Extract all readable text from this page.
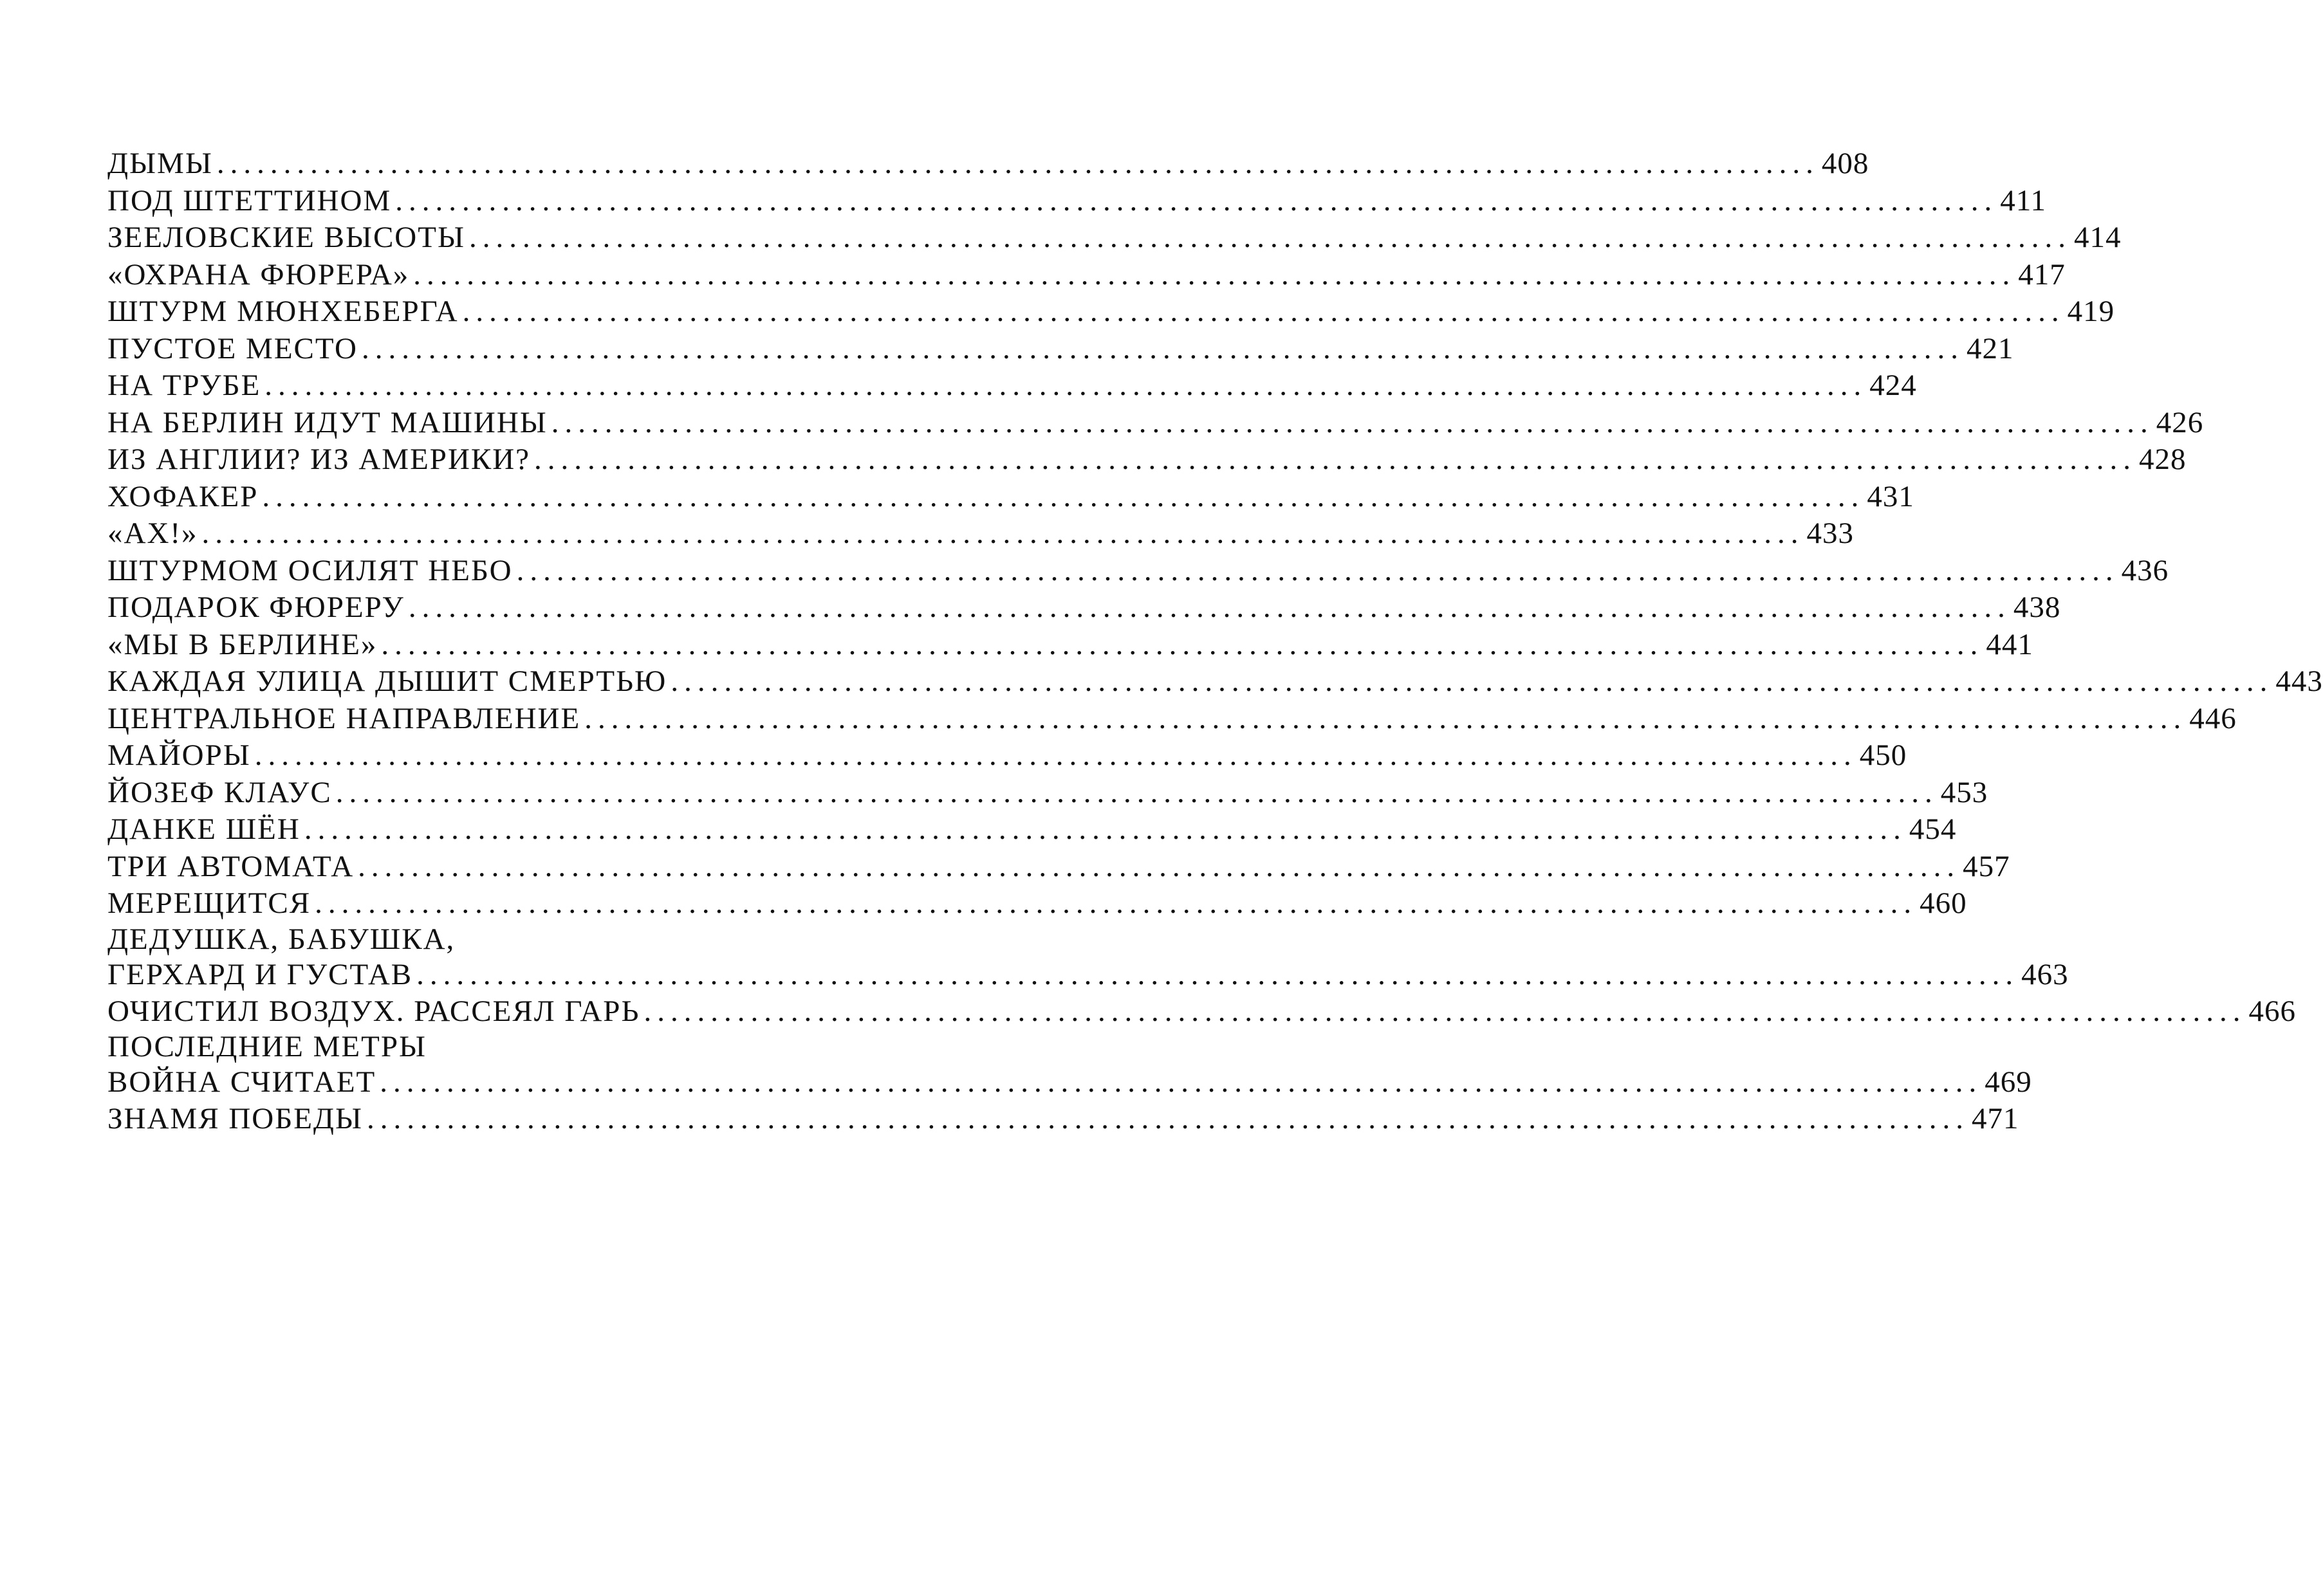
ДЫМЫ ........................................................................................................................ 408
ПОД ШТЕТТИНОМ ........................................................................................................................ 411
ЗЕЕЛОВСКИЕ ВЫСОТЫ ........................................................................................................................ 414
«ОХРАНА ФЮРЕРА» ........................................................................................................................ 417
ШТУРМ МЮНХЕБЕРГА ........................................................................................................................ 419
ПУСТОЕ МЕСТО ........................................................................................................................ 421
НА ТРУБЕ ........................................................................................................................ 424
НА БЕРЛИН ИДУТ МАШИНЫ ........................................................................................................................ 426
ИЗ АНГЛИИ? ИЗ АМЕРИКИ? ........................................................................................................................ 428
ХОФАКЕР ........................................................................................................................ 431
«АХ!» ........................................................................................................................ 433
ШТУРМОМ ОСИЛЯТ НЕБО ........................................................................................................................ 436
ПОДАРОК ФЮРЕРУ ........................................................................................................................ 438
«МЫ В БЕРЛИНЕ» ........................................................................................................................ 441
КАЖДАЯ УЛИЦА ДЫШИТ СМЕРТЬЮ ........................................................................................................................ 443
ЦЕНТРАЛЬНОЕ НАПРАВЛЕНИЕ ........................................................................................................................ 446
МАЙОРЫ ........................................................................................................................ 450
ЙОЗЕФ КЛАУС ........................................................................................................................ 453
ДАНКЕ ШЁН ........................................................................................................................ 454
ТРИ АВТОМАТА ........................................................................................................................ 457
МЕРЕЩИТСЯ ........................................................................................................................ 460
ДЕДУШКА, БАБУШКА,
ГЕРХАРД И ГУСТАВ ........................................................................................................................ 463
ОЧИСТИЛ ВОЗДУХ. РАССЕЯЛ ГАРЬ ........................................................................................................................ 466
ПОСЛЕДНИЕ МЕТРЫ
ВОЙНА СЧИТАЕТ ........................................................................................................................ 469
ЗНАМЯ ПОБЕДЫ ........................................................................................................................ 471
